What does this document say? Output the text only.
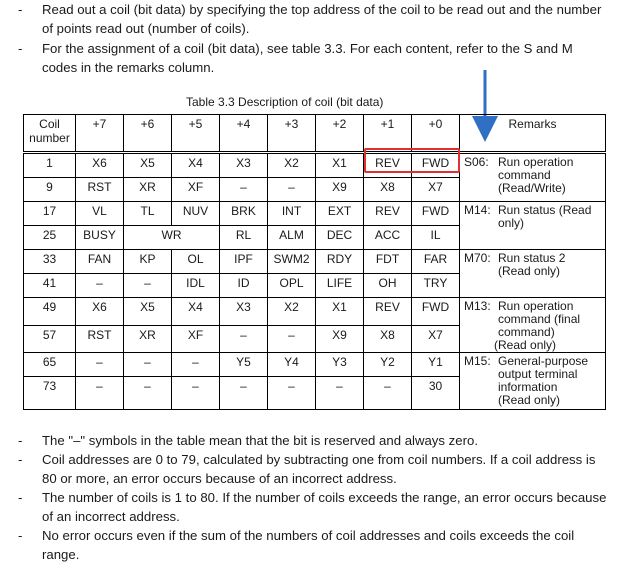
- Read out a coil (bit data) by specifying the top address of the coil to be read out and the number of points read out (number of coils).
- For the assignment of a coil (bit data), see table 3.3. For each content, refer to the S and M codes in the remarks column.
Table 3.3 Description of coil (bit data)
Coil number	+7	+6	+5	+4	+3	+2	+1	+0	Remarks
1	X6	X5	X4	X3	X2	X1	REV	FWD	S06: Run operation
command
(Read/Write)

9	RST	XR	XF	–	–	X9	X8	X7	
17	VL	TL	NUV	BRK	INT	EXT	REV	FWD	M14: Run status (Read
only)

25	BUSY	WR		RL	ALM	DEC	ACC	IL	
33	FAN	KP	OL	IPF	SWM2	RDY	FDT	FAR	M70: Run status 2
(Read only)

41	–	–	IDL	ID	OPL	LIFE	OH	TRY	
49	X6	X5	X4	X3	X2	X1	REV	FWD	M13: Run operation
command (final
command)
(Read only)

57	RST	XR	XF	–	–	X9	X8	X7	
65	–	–	–	Y5	Y4	Y3	Y2	Y1	M15: General-purpose
output terminal
information
(Read only)

73	–	–	–	–	–	–	–	30	
- The "–" symbols in the table mean that the bit is reserved and always zero.
- Coil addresses are 0 to 79, calculated by subtracting one from coil numbers. If a coil address is 80 or more, an error occurs because of an incorrect address.
- The number of coils is 1 to 80. If the number of coils exceeds the range, an error occurs because of an incorrect address.
- No error occurs even if the sum of the numbers of coil addresses and coils exceeds the coil range.
